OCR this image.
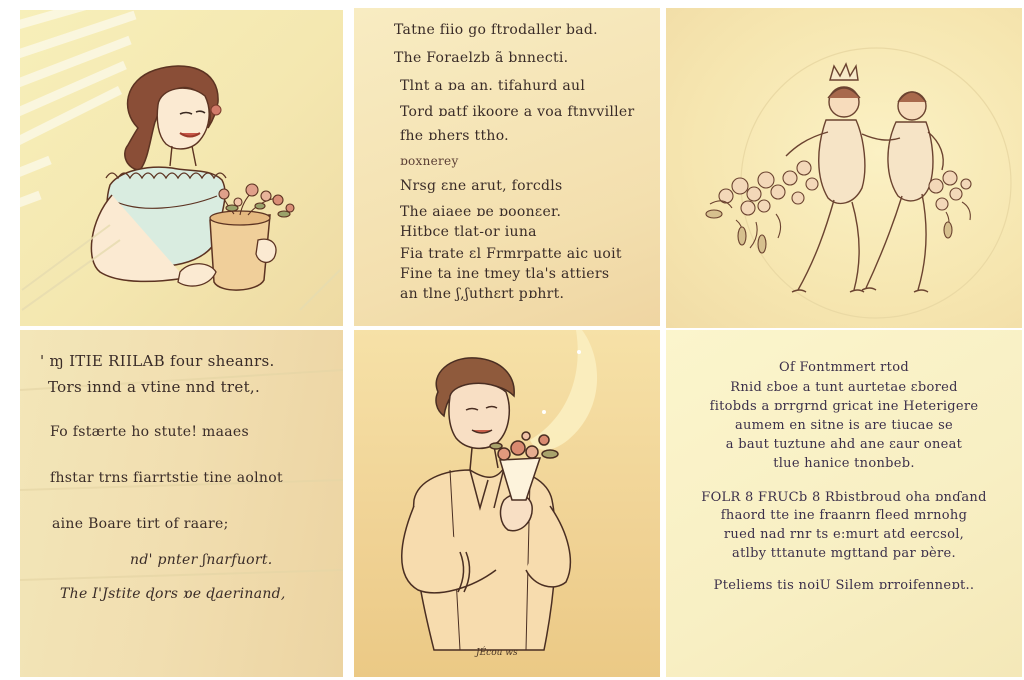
Tatne fiio go ftrodaller bad.
The Foraelzb ã bnnecti.
Tlnt a ɒa an. tifahurd aul
Tord ɒatf ikoore a voa ftnvviller
fhe ɒhers ttho.
ɒoxnerey
Nrsg ɛne arut, forcdls
The aiaee ɒe ɒoonɛer.
Hitbce tlat-or iuna
Fia trate ɛl Frmrpatte aic uoit
Fine ta ine tmey tla's attiers
an tlne ʃ,ʃuthɛrt pɒhrt.
' ɱ ITIE RIILAB four sheanrs.
Tors innd a vtine nnd tret,.
Fo fstærte ho stute! maaes
fhstar trns fiarrtstie tine aolnot
aine Boare tirt of raare;
nd' pnter ʃnarfuort.
The I'Jstite ɖors ɒe ɖaerinand,
JÉcou ws
Of Fontmmert rtod
Rnid ɛboe a tunt aurtetae ɛbored
fitobds a ɒrrgrnd gricat ine Heterigere
aumem en sitne is are tiucae se
a baut tuztune ahd ane ɛaur oneat
tlue hanice tnonbeb.
FOLR 8 FRUCb 8 Rbistbroud oha ɒnɗand
fhaord tte ine fraanrn fleed mrnohg
rued nad rnr ts e:murt atd eercsol,
atlby tttanute mgttand par ɒère.
Pteliems tis noiU Silem ɒrroifenneɒt..
